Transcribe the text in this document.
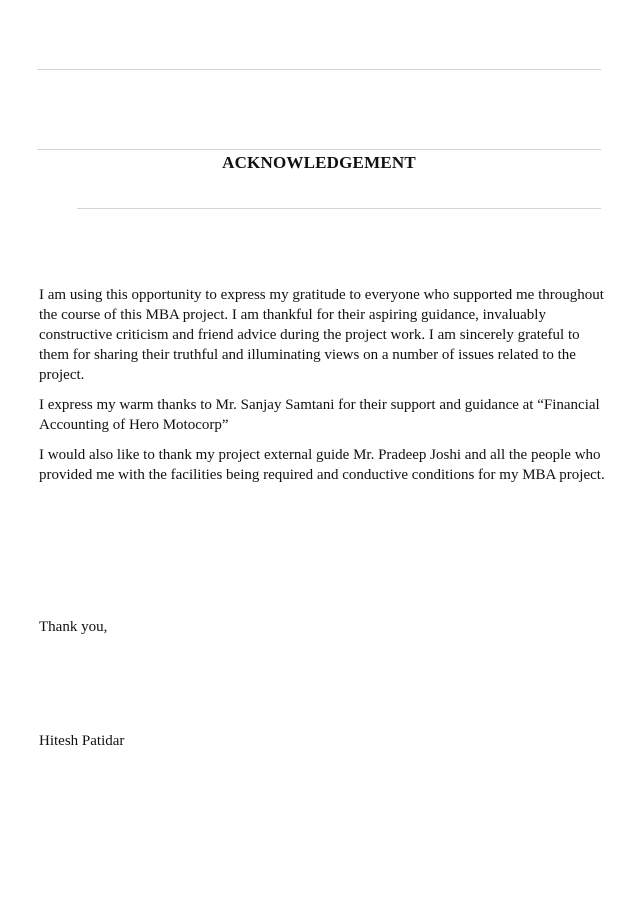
ACKNOWLEDGEMENT

I am using this opportunity to express my gratitude to everyone who supported me throughout the course of this MBA project. I am thankful for their aspiring guidance, invaluably constructive criticism and friend advice during the project work. I am sincerely grateful to them for sharing their truthful and illuminating views on a number of issues related to the project.

I express my warm thanks to Mr. Sanjay Samtani for their support and guidance at “Financial Accounting of Hero Motocorp”

I would also like to thank my project external guide Mr. Pradeep Joshi and all the people who provided me with the facilities being required and conductive conditions for my MBA project.

Thank you,
Hitesh Patidar
